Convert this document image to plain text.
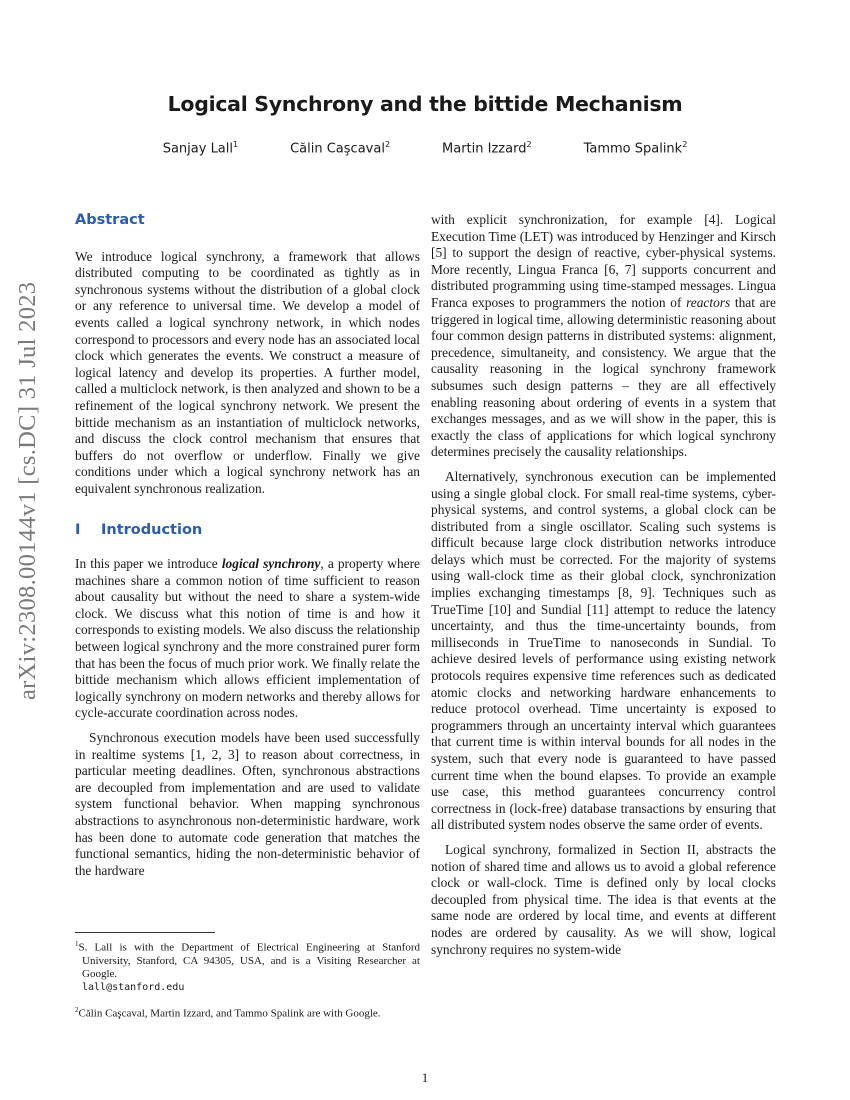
arXiv:2308.00144v1 [cs.DC] 31 Jul 2023
Logical Synchrony and the bittide Mechanism
Sanjay Lall$^1$	Călin Caşcaval$^2$	Martin Izzard$^2$	Tammo Spalink$^2$
Abstract

We introduce logical synchrony, a framework that allows distributed computing to be coordinated as tightly as in synchronous systems without the distribution of a global clock or any reference to universal time. We develop a model of events called a logical synchrony network, in which nodes correspond to processors and every node has an associated local clock which generates the events. We construct a measure of logical latency and develop its properties. A further model, called a multiclock network, is then analyzed and shown to be a refinement of the logical synchrony network. We present the bittide mechanism as an instantiation of multiclock networks, and discuss the clock control mechanism that ensures that buffers do not overflow or underflow. Finally we give conditions under which a logical synchrony network has an equivalent synchronous realization.

I Introduction

In this paper we introduce logical synchrony, a property where machines share a common notion of time sufficient to reason about causality but without the need to share a system-wide clock. We discuss what this notion of time is and how it corresponds to existing models. We also discuss the relationship between logical synchrony and the more constrained purer form that has been the focus of much prior work. We finally relate the bittide mechanism which allows efficient implementation of logically synchrony on modern networks and thereby allows for cycle-accurate coordination across nodes.

Synchronous execution models have been used successfully in realtime systems [1, 2, 3] to reason about correctness, in particular meeting deadlines. Often, synchronous abstractions are decoupled from implementation and are used to validate system functional behavior. When mapping synchronous abstractions to asynchronous non-deterministic hardware, work has been done to automate code generation that matches the functional semantics, hiding the non-deterministic behavior of the hardware

$^1$S. Lall is with the Department of Electrical Engineering at Stanford University, Stanford, CA 94305, USA, and is a Visiting Researcher at Google.
lall@stanford.edu
$^2$Călin Caşcaval, Martin Izzard, and Tammo Spalink are with Google.

with explicit synchronization, for example [4]. Logical Execution Time (LET) was introduced by Henzinger and Kirsch [5] to support the design of reactive, cyber-physical systems. More recently, Lingua Franca [6, 7] supports concurrent and distributed programming using time-stamped messages. Lingua Franca exposes to programmers the notion of reactors that are triggered in logical time, allowing deterministic reasoning about four common design patterns in distributed systems: alignment, precedence, simultaneity, and consistency. We argue that the causality reasoning in the logical synchrony framework subsumes such design patterns – they are all effectively enabling reasoning about ordering of events in a system that exchanges messages, and as we will show in the paper, this is exactly the class of applications for which logical synchrony determines precisely the causality relationships.

Alternatively, synchronous execution can be implemented using a single global clock. For small real-time systems, cyber-physical systems, and control systems, a global clock can be distributed from a single oscillator. Scaling such systems is difficult because large clock distribution networks introduce delays which must be corrected. For the majority of systems using wall-clock time as their global clock, synchronization implies exchanging timestamps [8, 9]. Techniques such as TrueTime [10] and Sundial [11] attempt to reduce the latency uncertainty, and thus the time-uncertainty bounds, from milliseconds in TrueTime to nanoseconds in Sundial. To achieve desired levels of performance using existing network protocols requires expensive time references such as dedicated atomic clocks and networking hardware enhancements to reduce protocol overhead. Time uncertainty is exposed to programmers through an uncertainty interval which guarantees that current time is within interval bounds for all nodes in the system, such that every node is guaranteed to have passed current time when the bound elapses. To provide an example use case, this method guarantees concurrency control correctness in (lock-free) database transactions by ensuring that all distributed system nodes observe the same order of events.

Logical synchrony, formalized in Section II, abstracts the notion of shared time and allows us to avoid a global reference clock or wall-clock. Time is defined only by local clocks decoupled from physical time. The idea is that events at the same node are ordered by local time, and events at different nodes are ordered by causality. As we will show, logical synchrony requires no system-wide

1
